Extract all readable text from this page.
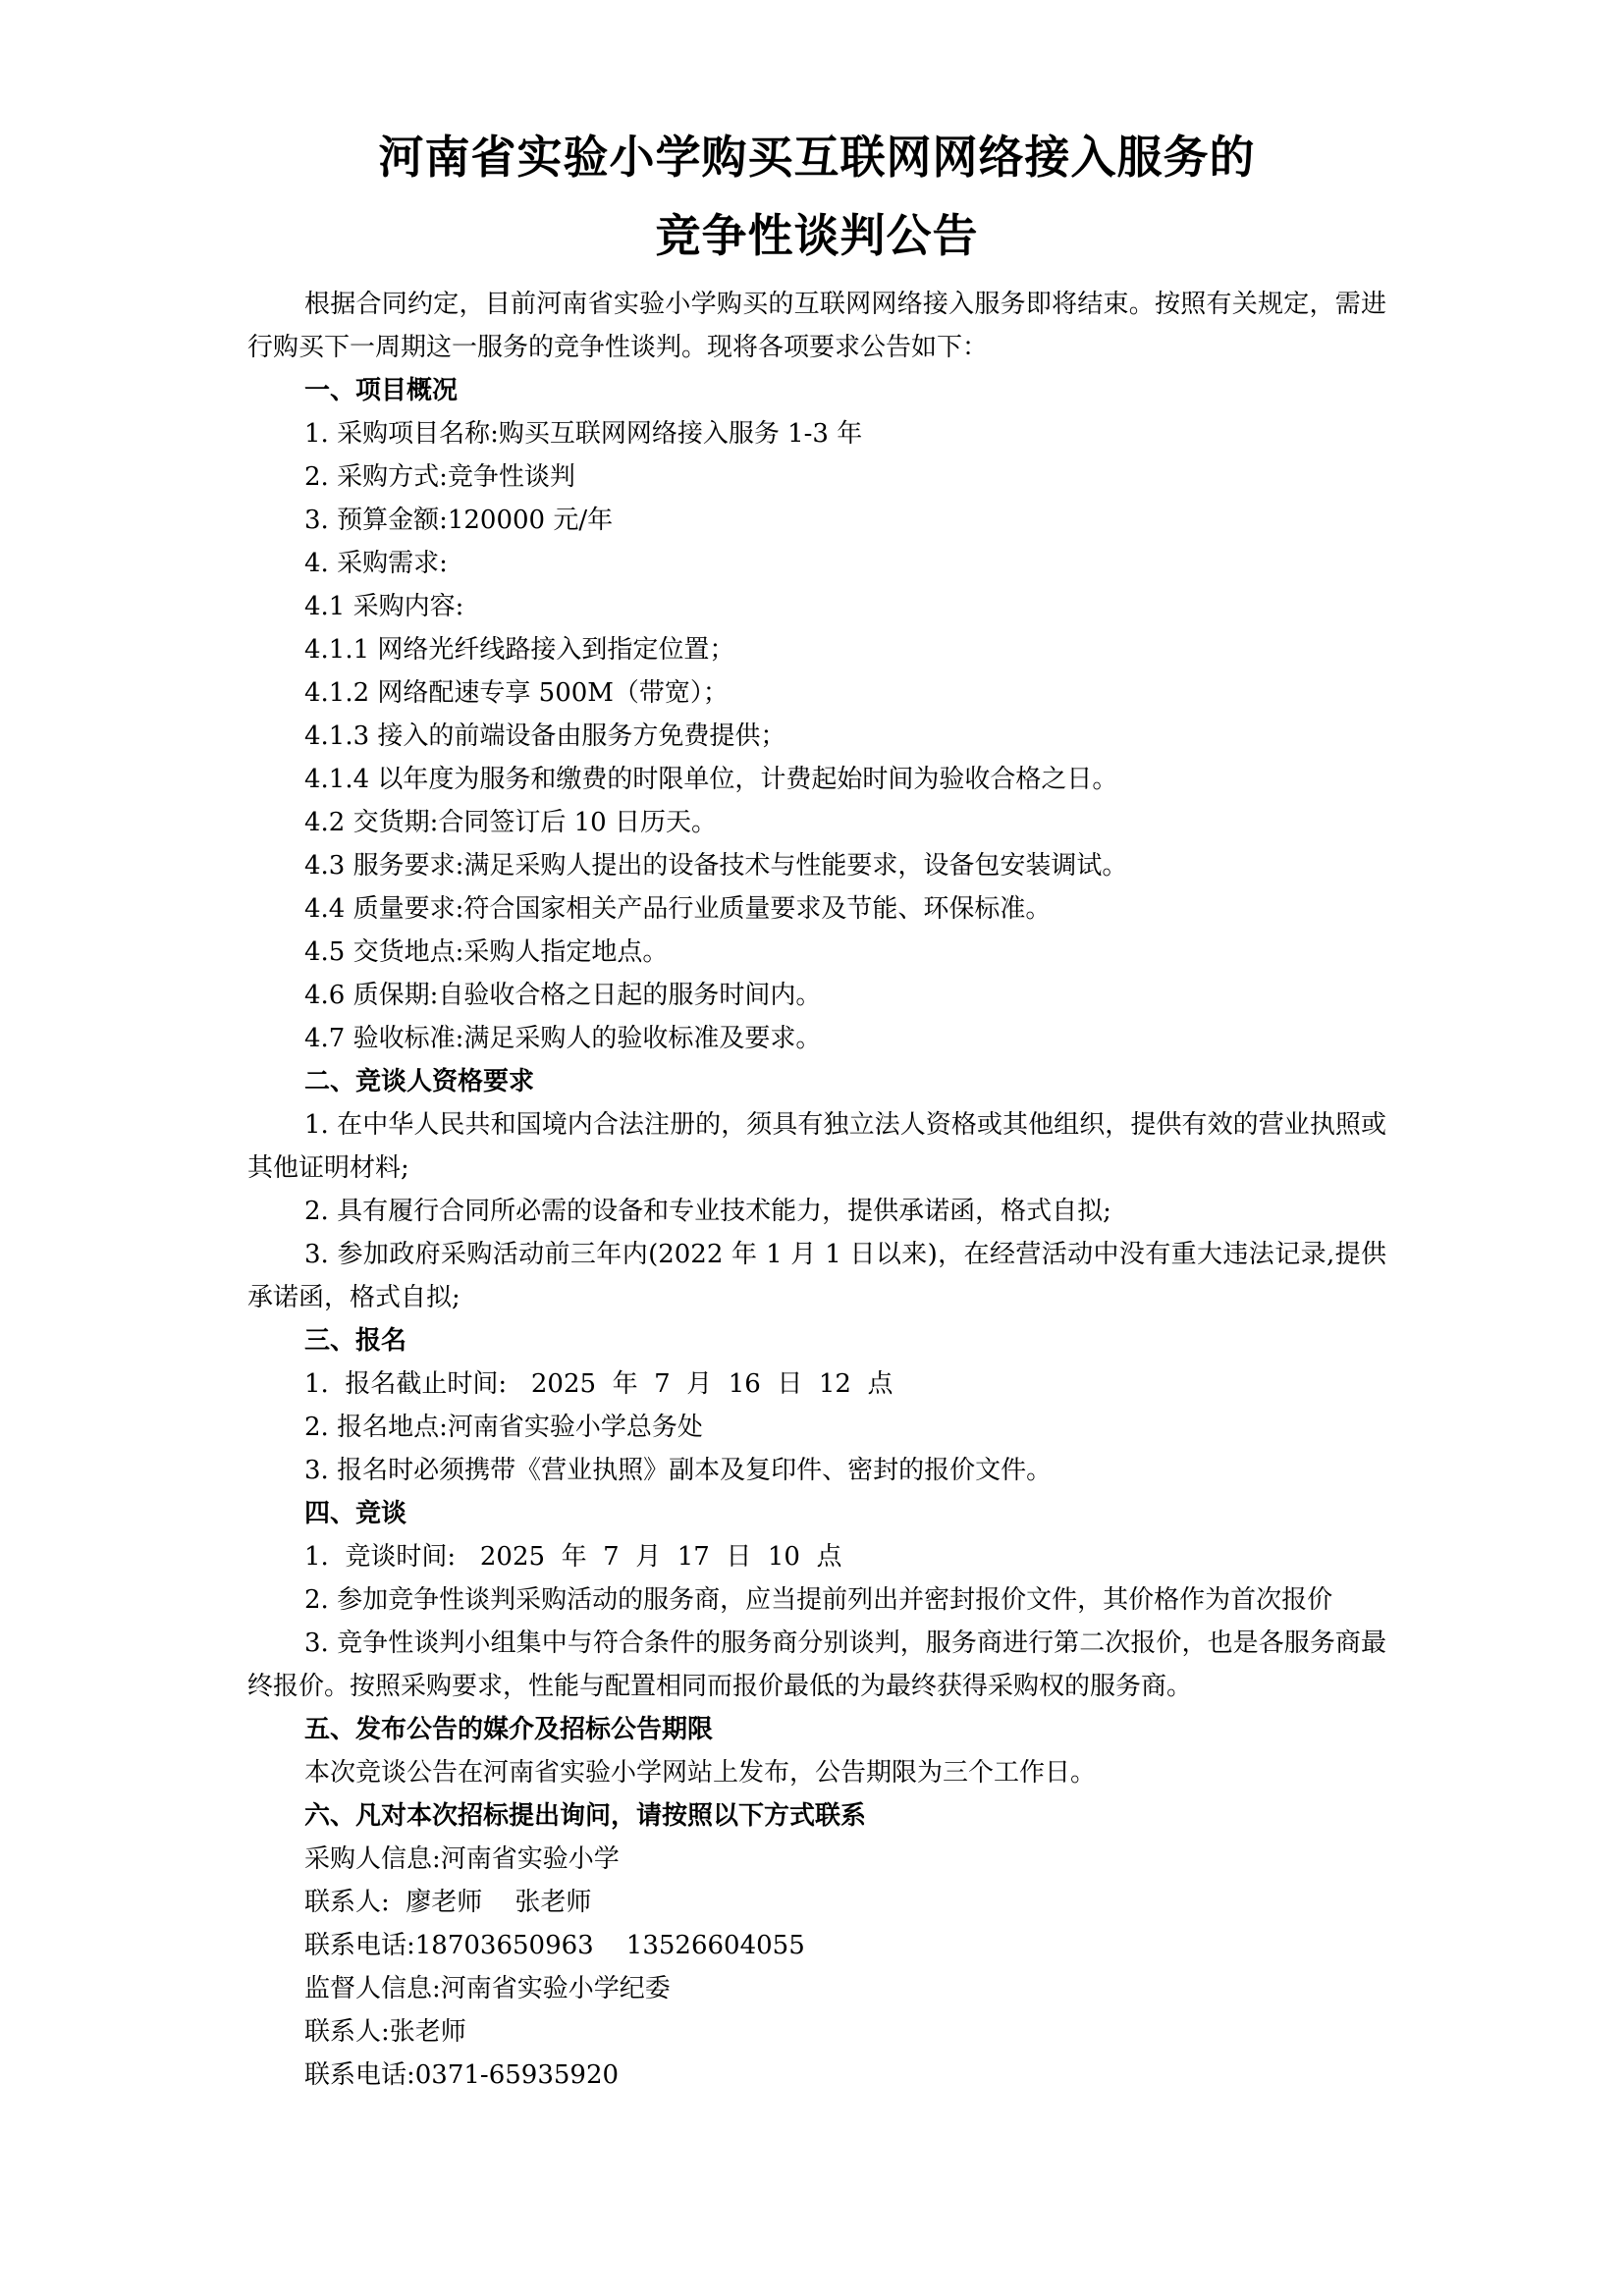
河南省实验小学购买互联网网络接入服务的
竞争性谈判公告

根据合同约定，目前河南省实验小学购买的互联网网络接入服务即将结束。按照有关规定，需进行购买下一周期这一服务的竞争性谈判。现将各项要求公告如下：

一、项目概况

1. 采购项目名称:购买互联网网络接入服务 1-3 年

2. 采购方式:竞争性谈判

3. 预算金额:120000 元/年

4. 采购需求:

4.1 采购内容:

4.1.1 网络光纤线路接入到指定位置；

4.1.2 网络配速专享 500M（带宽）；

4.1.3 接入的前端设备由服务方免费提供；

4.1.4 以年度为服务和缴费的时限单位，计费起始时间为验收合格之日。

4.2 交货期:合同签订后 10 日历天。

4.3 服务要求:满足采购人提出的设备技术与性能要求，设备包安装调试。

4.4 质量要求:符合国家相关产品行业质量要求及节能、环保标准。

4.5 交货地点:采购人指定地点。

4.6 质保期:自验收合格之日起的服务时间内。

4.7 验收标准:满足采购人的验收标准及要求。

二、竞谈人资格要求

1. 在中华人民共和国境内合法注册的，须具有独立法人资格或其他组织，提供有效的营业执照或其他证明材料;

2. 具有履行合同所必需的设备和专业技术能力，提供承诺函，格式自拟;

3. 参加政府采购活动前三年内(2022 年 1 月 1 日以来)，在经营活动中没有重大违法记录,提供承诺函，格式自拟;

三、报名

1.  报名截止时间:   2025  年  7  月  16  日  12  点

2. 报名地点:河南省实验小学总务处

3. 报名时必须携带《营业执照》副本及复印件、密封的报价文件。

四、竞谈

1.  竞谈时间:   2025  年  7  月  17  日  10  点

2. 参加竞争性谈判采购活动的服务商，应当提前列出并密封报价文件，其价格作为首次报价

3. 竞争性谈判小组集中与符合条件的服务商分别谈判，服务商进行第二次报价，也是各服务商最终报价。按照采购要求，性能与配置相同而报价最低的为最终获得采购权的服务商。

五、发布公告的媒介及招标公告期限

本次竞谈公告在河南省实验小学网站上发布，公告期限为三个工作日。

六、凡对本次招标提出询问，请按照以下方式联系

采购人信息:河南省实验小学

联系人:  廖老师    张老师

联系电话:18703650963    13526604055

监督人信息:河南省实验小学纪委

联系人:张老师

联系电话:0371-65935920
